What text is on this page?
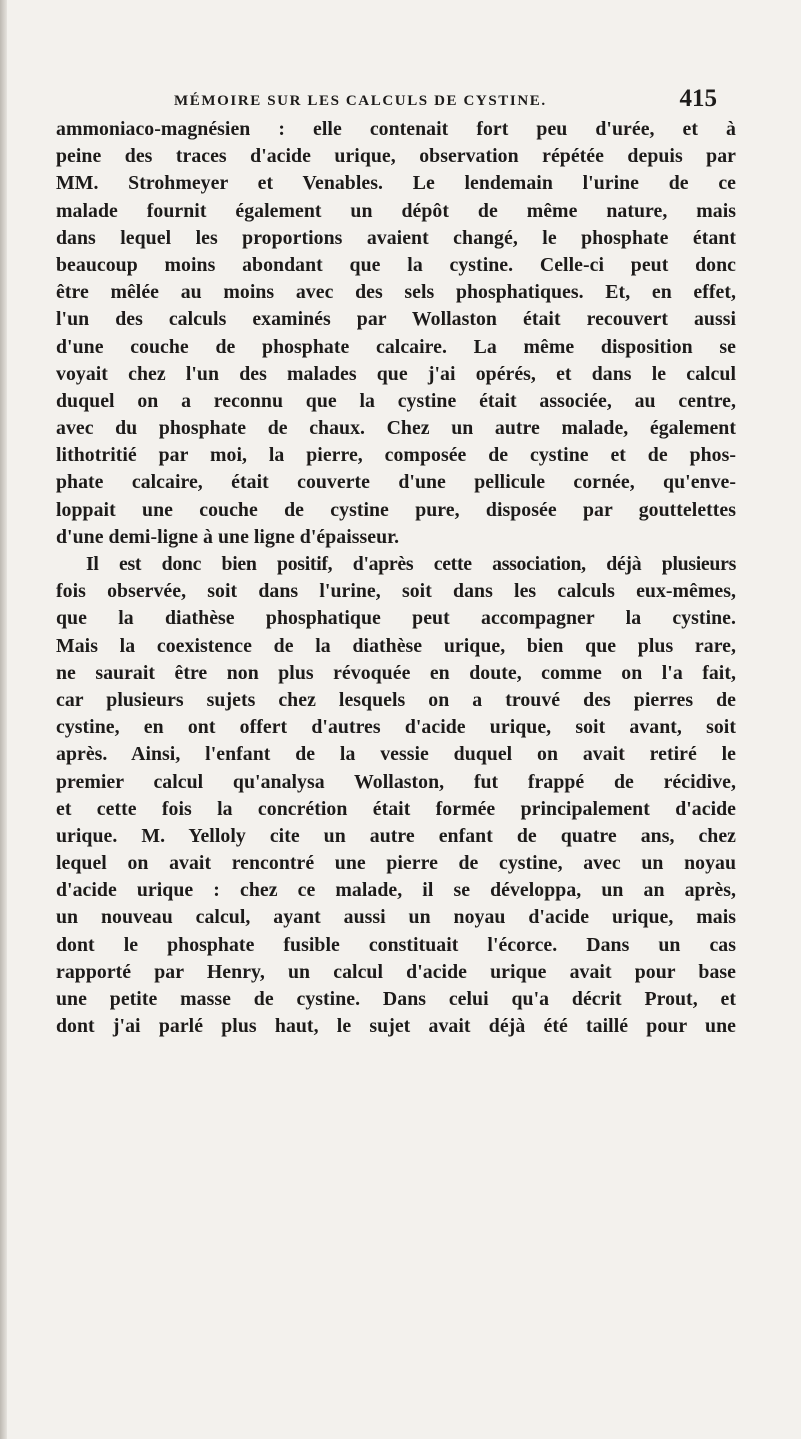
MÉMOIRE SUR LES CALCULS DE CYSTINE.	415
ammoniaco-magnésien : elle contenait fort peu d'urée, et à
peine des traces d'acide urique, observation répétée depuis par
MM. Strohmeyer et Venables. Le lendemain l'urine de ce
malade fournit également un dépôt de même nature, mais
dans lequel les proportions avaient changé, le phosphate étant
beaucoup moins abondant que la cystine. Celle-ci peut donc
être mêlée au moins avec des sels phosphatiques. Et, en effet,
l'un des calculs examinés par Wollaston était recouvert aussi
d'une couche de phosphate calcaire. La même disposition se
voyait chez l'un des malades que j'ai opérés, et dans le calcul
duquel on a reconnu que la cystine était associée, au centre,
avec du phosphate de chaux. Chez un autre malade, également
lithotritié par moi, la pierre, composée de cystine et de phos-
phate calcaire, était couverte d'une pellicule cornée, qu'enve-
loppait une couche de cystine pure, disposée par gouttelettes
d'une demi-ligne à une ligne d'épaisseur.
Il est donc bien positif, d'après cette association, déjà plusieurs
fois observée, soit dans l'urine, soit dans les calculs eux-mêmes,
que la diathèse phosphatique peut accompagner la cystine.
Mais la coexistence de la diathèse urique, bien que plus rare,
ne saurait être non plus révoquée en doute, comme on l'a fait,
car plusieurs sujets chez lesquels on a trouvé des pierres de
cystine, en ont offert d'autres d'acide urique, soit avant, soit
après. Ainsi, l'enfant de la vessie duquel on avait retiré le
premier calcul qu'analysa Wollaston, fut frappé de récidive,
et cette fois la concrétion était formée principalement d'acide
urique. M. Yelloly cite un autre enfant de quatre ans, chez
lequel on avait rencontré une pierre de cystine, avec un noyau
d'acide urique : chez ce malade, il se développa, un an après,
un nouveau calcul, ayant aussi un noyau d'acide urique, mais
dont le phosphate fusible constituait l'écorce. Dans un cas
rapporté par Henry, un calcul d'acide urique avait pour base
une petite masse de cystine. Dans celui qu'a décrit Prout, et
dont j'ai parlé plus haut, le sujet avait déjà été taillé pour une
